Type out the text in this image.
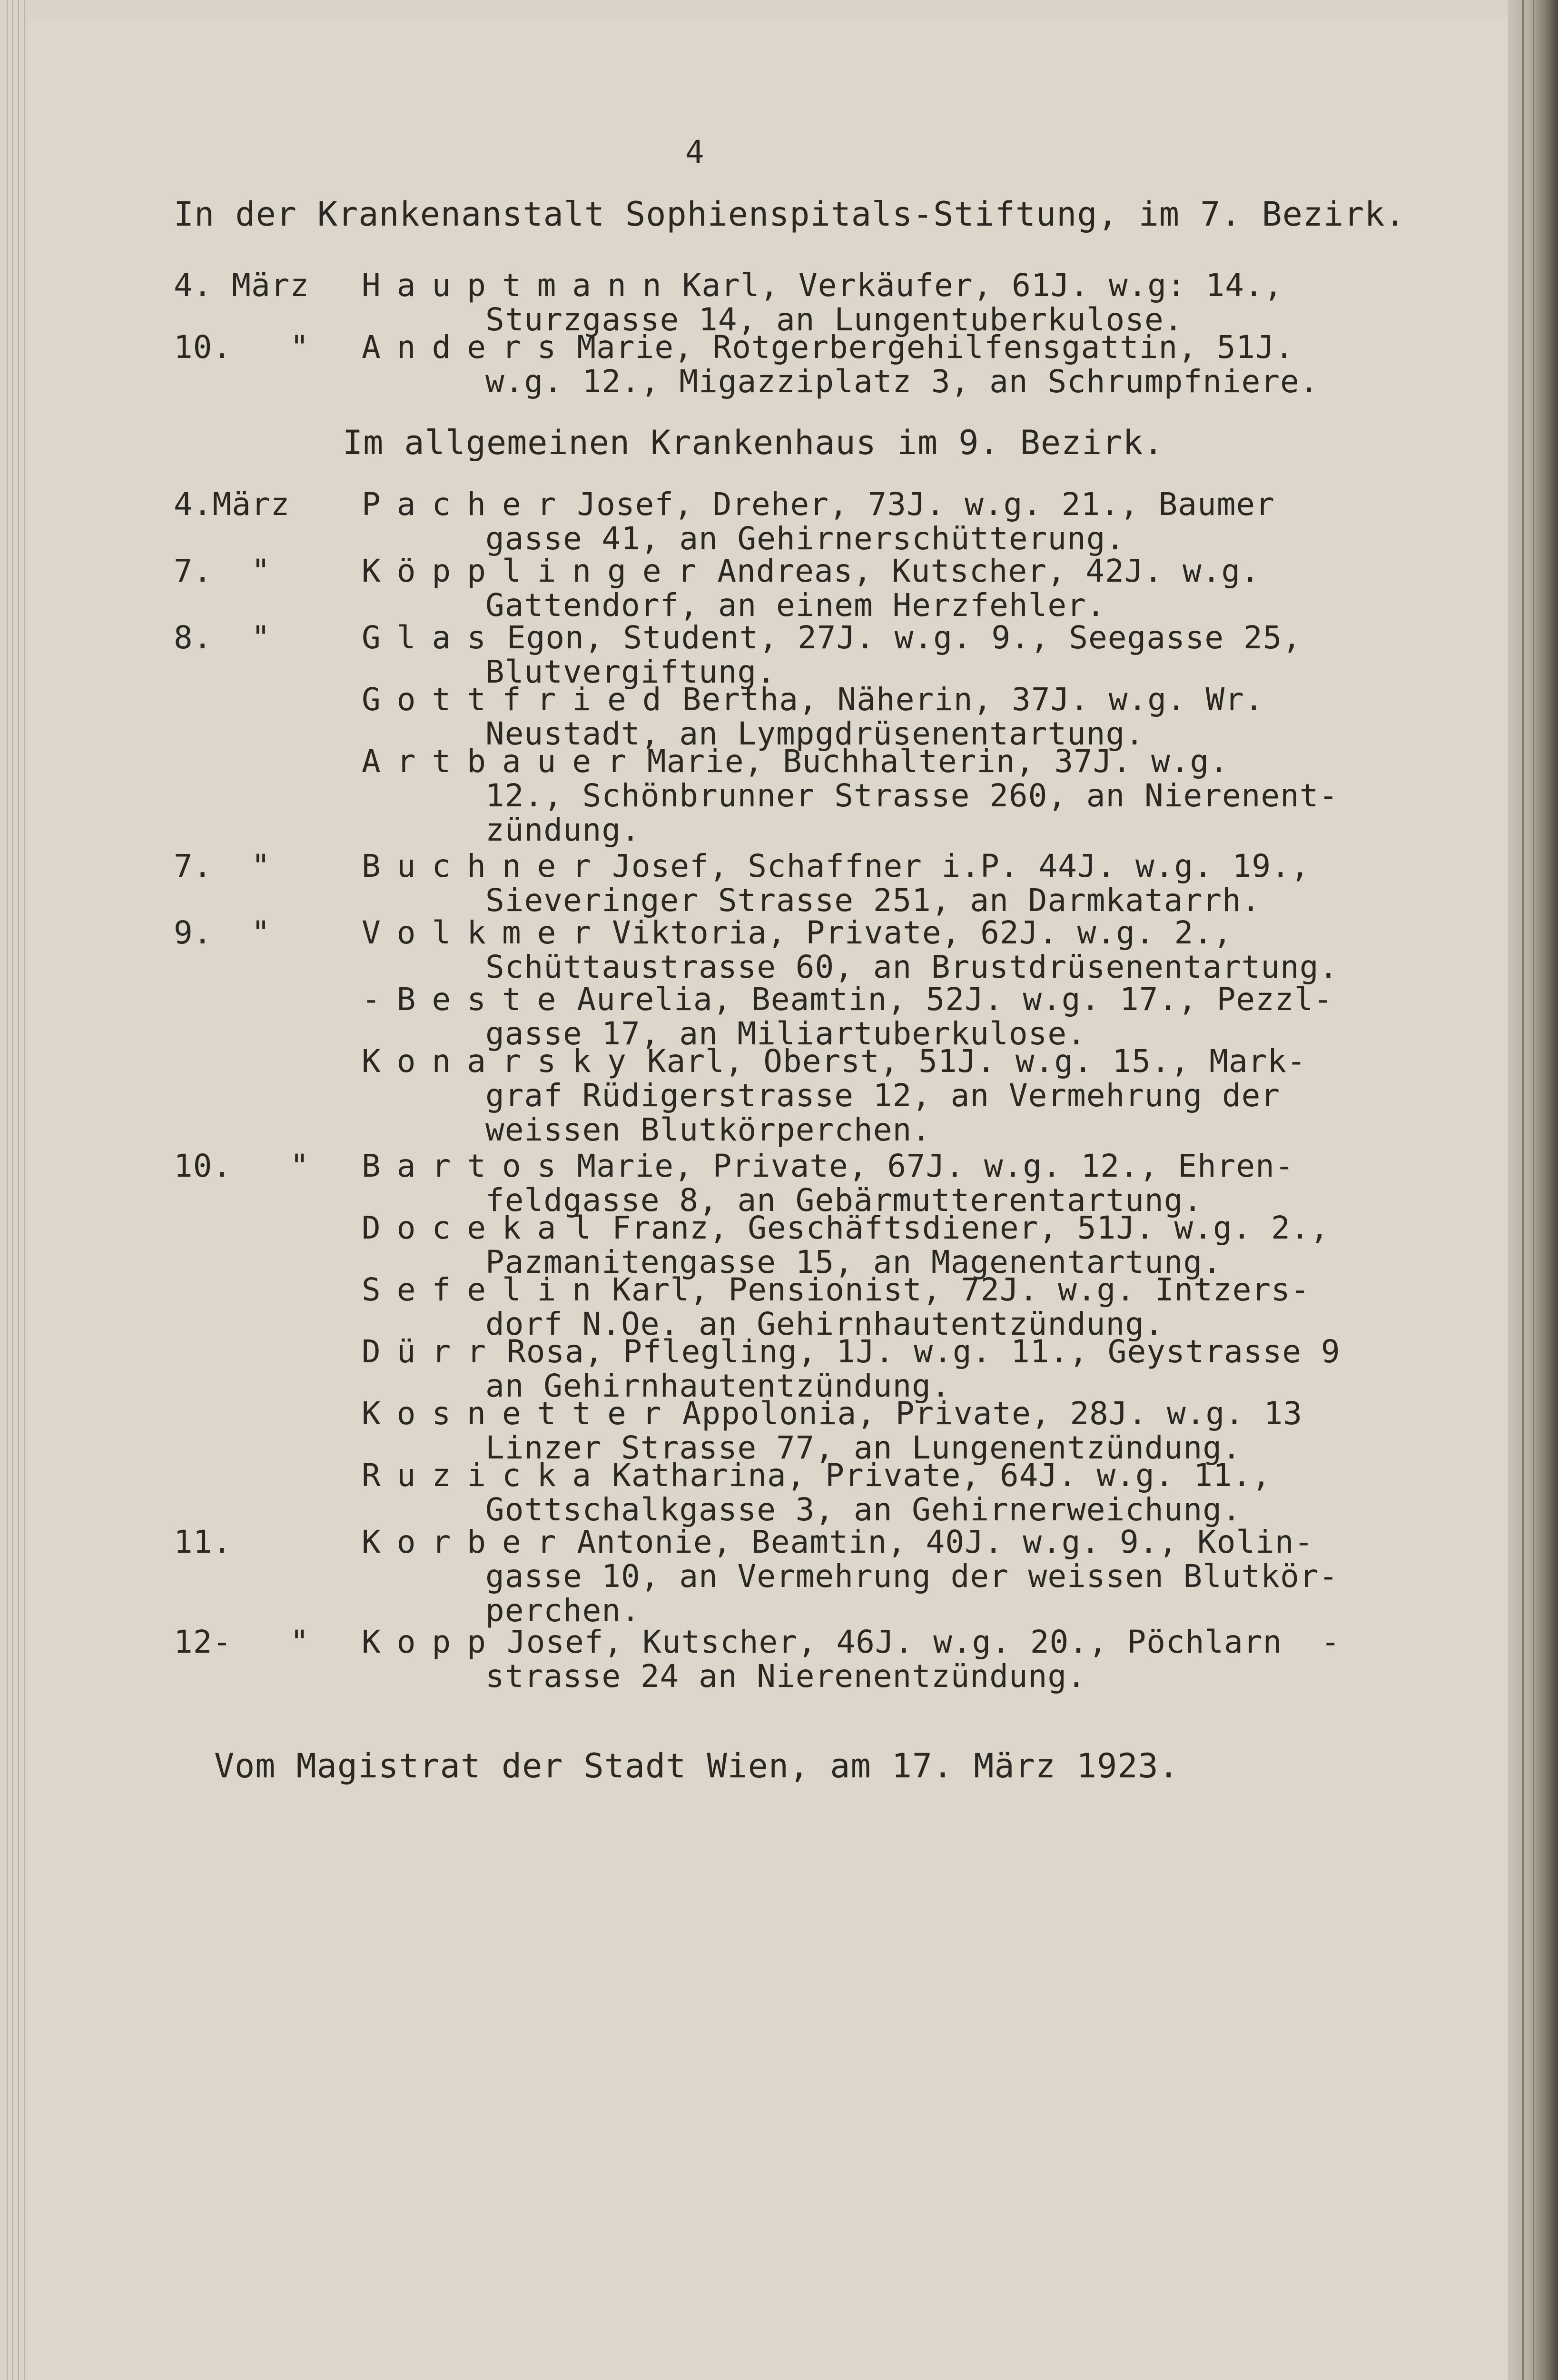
4
In der Krankenanstalt Sophienspitals-Stiftung, im 7. Bezirk.
4. März Hauptmann Karl, Verkäufer, 61J. w.g: 14.,
Sturzgasse 14, an Lungentuberkulose.
10.   " Anders Marie, Rotgerbergehilfensgattin, 51J.
w.g. 12., Migazziplatz 3, an Schrumpfniere.
4.März Pacher Josef, Dreher, 73J. w.g. 21., Baumer
gasse 41, an Gehirnerschütterung.
7.  "	Köpplinger Andreas, Kutscher, 42J. w.g.
Gattendorf, an einem Herzfehler.
8.  "	Glas Egon, Student, 27J. w.g. 9., Seegasse 25,
Blutvergiftung.
Gottfried Bertha, Näherin, 37J. w.g. Wr.
Neustadt, an Lympgdrüsenentartung.
Artbauer Marie, Buchhalterin, 37J. w.g.
12., Schönbrunner Strasse 260, an Nierenent-
zündung.
7.  "	Buchner Josef, Schaffner i.P. 44J. w.g. 19.,
Sieveringer Strasse 251, an Darmkatarrh.
9.  "	Volkmer Viktoria, Private, 62J. w.g. 2.,
Schüttaustrasse 60, an Brustdrüsenentartung.
-Beste Aurelia, Beamtin, 52J. w.g. 17., Pezzl-
gasse 17, an Miliartuberkulose.
Konarsky Karl, Oberst, 51J. w.g. 15., Mark-
graf Rüdigerstrasse 12, an Vermehrung der
weissen Blutkörperchen.
10.   " Bartos Marie, Private, 67J. w.g. 12., Ehren-
feldgasse 8, an Gebärmutterentartung.
Docekal Franz, Geschäftsdiener, 51J. w.g. 2.,
Pazmanitengasse 15, an Magenentartung.
Sefelin Karl, Pensionist, 72J. w.g. Intzers-
dorf N.Oe. an Gehirnhautentzündung.
Dürr Rosa, Pflegling, 1J. w.g. 11., Geystrasse 9
an Gehirnhautentzündung.
Kosnetter Appolonia, Private, 28J. w.g. 13
Linzer Strasse 77, an Lungenentzündung.
Ruzicka Katharina, Private, 64J. w.g. 11.,
Gottschalkgasse 3, an Gehirnerweichung.
11.	Korber Antonie, Beamtin, 40J. w.g. 9., Kolin-
gasse 10, an Vermehrung der weissen Blutkör-
perchen.
12-   " Kopp Josef, Kutscher, 46J. w.g. 20., Pöchlarn  -
strasse 24 an Nierenentzündung.
Im allgemeinen Krankenhaus im 9. Bezirk.
Vom Magistrat der Stadt Wien, am 17. März 1923.
